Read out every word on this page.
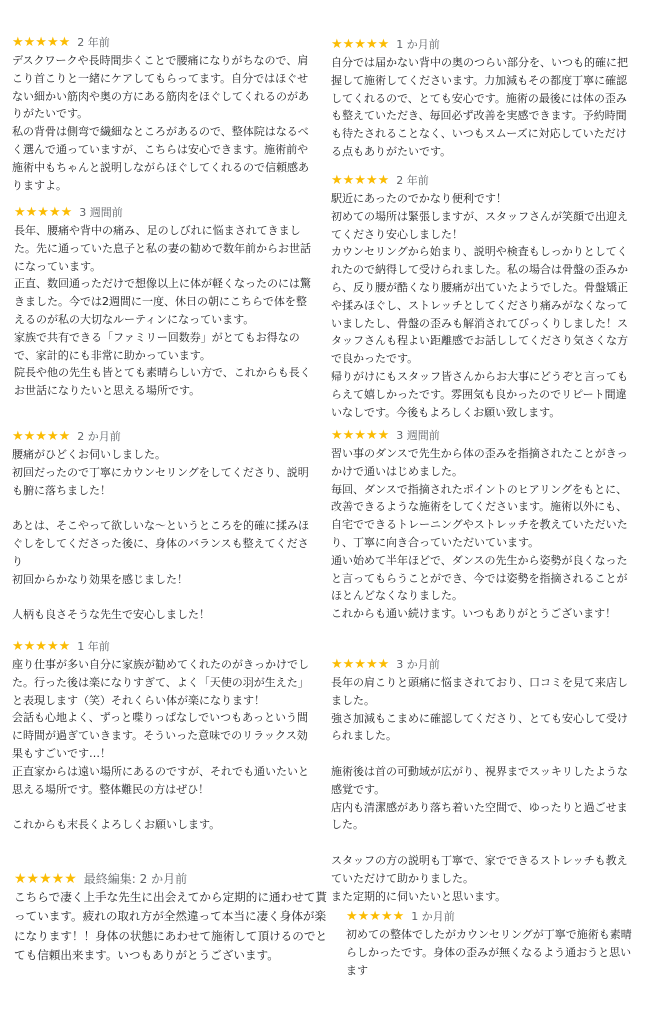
★★★★★ 2 年前
デスクワークや長時間歩くことで腰痛になりがちなので、肩こり首こりと一緒にケアしてもらってます。自分ではほぐせない細かい筋肉や奥の方にある筋肉をほぐしてくれるのがありがたいです。
私の背骨は側弯で繊細なところがあるので、整体院はなるべく選んで通っていますが、こちらは安心できます。施術前や施術中もちゃんと説明しながらほぐしてくれるので信頼感ありますよ。
★★★★★ 3 週間前
長年、腰痛や背中の痛み、足のしびれに悩まされてきました。先に通っていた息子と私の妻の勧めで数年前からお世話になっています。
正直、数回通っただけで想像以上に体が軽くなったのには驚きました。今では2週間に一度、休日の朝にこちらで体を整えるのが私の大切なルーティンになっています。
家族で共有できる「ファミリー回数券」がとてもお得なので、家計的にも非常に助かっています。
院長や他の先生も皆とても素晴らしい方で、これからも長くお世話になりたいと思える場所です。
★★★★★ 2 か月前
腰痛がひどくお伺いしました。
初回だったので丁寧にカウンセリングをしてくださり、説明も腑に落ちました！

あとは、そこやって欲しいな〜というところを的確に揉みほぐしをしてくださった後に、身体のバランスも整えてくださり
初回からかなり効果を感じました！

人柄も良さそうな先生で安心しました！
★★★★★ 1 年前
座り仕事が多い自分に家族が勧めてくれたのがきっかけでした。行った後は楽になりすぎて、よく「天使の羽が生えた」と表現します（笑）それくらい体が楽になります！
会話も心地よく、ずっと喋りっぱなしでいつもあっという間に時間が過ぎていきます。そういった意味でのリラックス効果もすごいです…！
正直家からは遠い場所にあるのですが、それでも通いたいと思える場所です。整体難民の方はぜひ！

これからも末長くよろしくお願いします。
★★★★★ 最終編集: 2 か月前
こちらで凄く上手な先生に出会えてから定期的に通わせて貰っています。疲れの取れ方が全然違って本当に凄く身体が楽になります！！身体の状態にあわせて施術して頂けるのでとても信頼出来ます。いつもありがとうございます。
★★★★★ 1 か月前
自分では届かない背中の奥のつらい部分を、いつも的確に把握して施術してくださいます。力加減もその都度丁寧に確認してくれるので、とても安心です。施術の最後には体の歪みも整えていただき、毎回必ず改善を実感できます。予約時間も待たされることなく、いつもスムーズに対応していただける点もありがたいです。
★★★★★ 2 年前
駅近にあったのでかなり便利です！
初めての場所は緊張しますが、スタッフさんが笑顔で出迎えてくださり安心しました！
カウンセリングから始まり、説明や検査もしっかりとしてくれたので納得して受けられました。私の場合は骨盤の歪みから、反り腰が酷くなり腰痛が出ていたようでした。骨盤矯正や揉みほぐし、ストレッチとしてくださり痛みがなくなっていましたし、骨盤の歪みも解消されてびっくりしました！スタッフさんも程よい距離感でお話ししてくださり気さくな方で良かったです。
帰りがけにもスタッフ皆さんからお大事にどうぞと言ってもらえて嬉しかったです。雰囲気も良かったのでリピート間違いなしです。今後もよろしくお願い致します。
★★★★★ 3 週間前
習い事のダンスで先生から体の歪みを指摘されたことがきっかけで通いはじめました。
毎回、ダンスで指摘されたポイントのヒアリングをもとに、改善できるような施術をしてくださいます。施術以外にも、自宅でできるトレーニングやストレッチを教えていただいたり、丁寧に向き合っていただいています。
通い始めて半年ほどで、ダンスの先生から姿勢が良くなったと言ってもらうことができ、今では姿勢を指摘されることがほとんどなくなりました。
これからも通い続けます。いつもありがとうございます！
★★★★★ 3 か月前
長年の肩こりと頭痛に悩まされており、口コミを見て来店しました。
強さ加減もこまめに確認してくださり、とても安心して受けられました。

施術後は首の可動域が広がり、視界までスッキリしたような感覚です。
店内も清潔感があり落ち着いた空間で、ゆったりと過ごせました。

スタッフの方の説明も丁寧で、家でできるストレッチも教えていただけて助かりました。
また定期的に伺いたいと思います。
★★★★★ 1 か月前
初めての整体でしたがカウンセリングが丁寧で施術も素晴らしかったです。身体の歪みが無くなるよう通おうと思います
